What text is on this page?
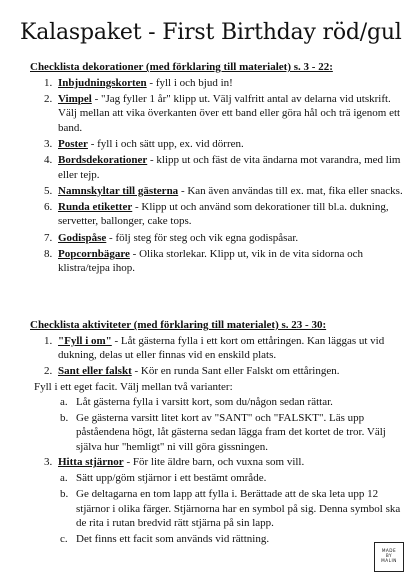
Kalaspaket - First Birthday röd/gul
Checklista dekorationer (med förklaring till materialet) s. 3 - 22:
1. Inbjudningskorten - fyll i och bjud in!
2. Vimpel - "Jag fyller 1 år" klipp ut. Välj valfritt antal av delarna vid utskrift. Välj mellan att vika överkanten över ett band eller göra hål och trä igenom ett band.
3. Poster - fyll i och sätt upp, ex. vid dörren.
4. Bordsdekorationer - klipp ut och fäst de vita ändarna mot varandra, med lim eller tejp.
5. Namnskyltar till gästerna - Kan även användas till ex. mat, fika eller snacks.
6. Runda etiketter - Klipp ut och använd som dekorationer till bl.a. dukning, servetter, ballonger, cake tops.
7. Godispåse - följ steg för steg och vik egna godispåsar.
8. Popcornbägare - Olika storlekar. Klipp ut, vik in de vita sidorna och klistra/tejpa ihop.
Checklista aktiviteter (med förklaring till materialet) s. 23 - 30:
1. "Fyll i om" - Låt gästerna fylla i ett kort om ettåringen. Kan läggas ut vid dukning, delas ut eller finnas vid en enskild plats.
2. Sant eller falskt - Kör en runda Sant eller Falskt om ettåringen.
Fyll i ett eget facit. Välj mellan två varianter:
a. Låt gästerna fylla i varsitt kort, som du/någon sedan rättar.
b. Ge gästerna varsitt litet kort av "SANT" och "FALSKT". Läs upp påståendena högt, låt gästerna sedan lägga fram det kortet de tror. Välj själva hur "hemligt" ni vill göra gissningen.
3. Hitta stjärnor - För lite äldre barn, och vuxna som vill.
a. Sätt upp/göm stjärnor i ett bestämt område.
b. Ge deltagarna en tom lapp att fylla i. Berättade att de ska leta upp 12 stjärnor i olika färger. Stjärnorna har en symbol på sig. Denna symbol ska de rita i rutan bredvid rätt stjärna på sin lapp.
c. Det finns ett facit som används vid rättning.
MADE
BY
MALIN
